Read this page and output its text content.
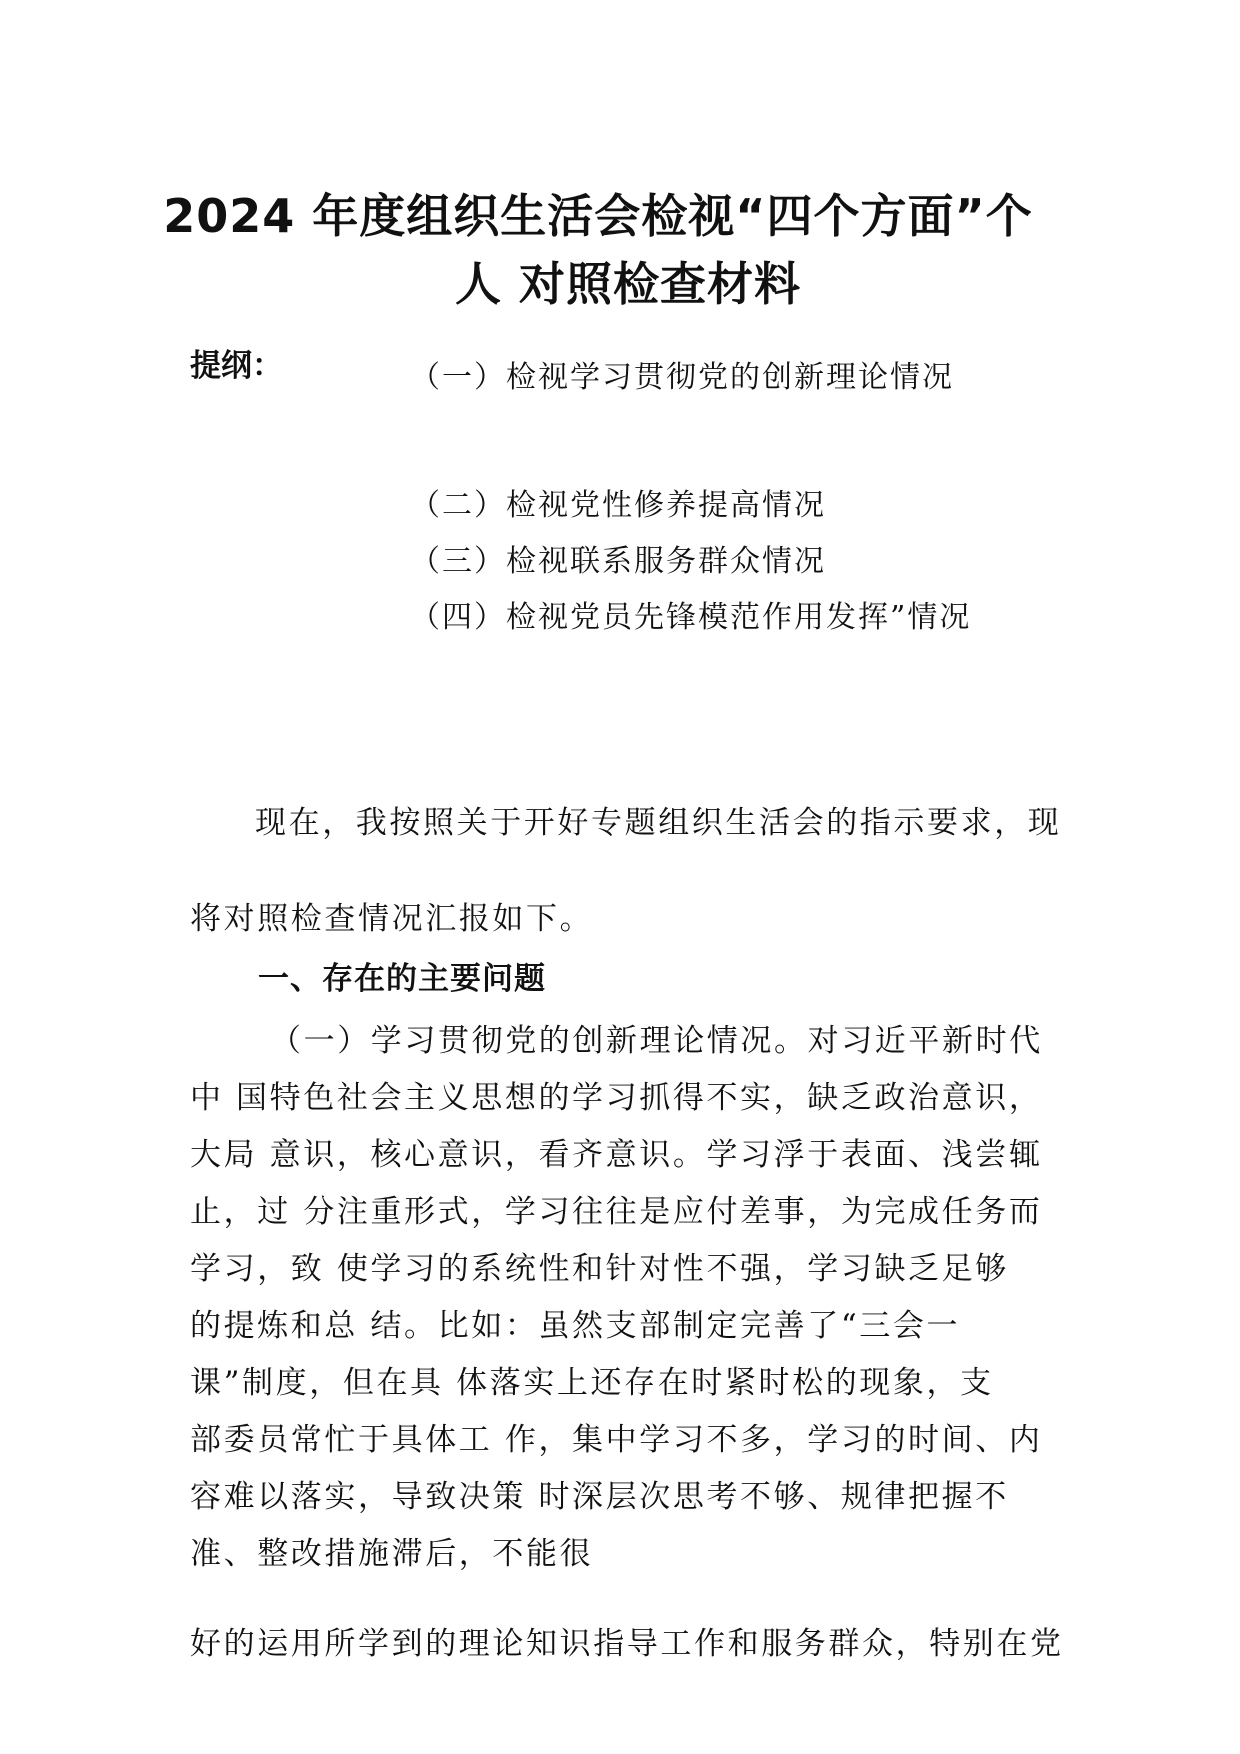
2024 年度组织生活会检视“四个方面”个
人 对照检查材料

提纲：	（一）检视学习贯彻党的创新理论情况

（二）检视党性修养提高情况

（三）检视联系服务群众情况

（四）检视党员先锋模范作用发挥”情况

现在，我按照关于开好专题组织生活会的指示要求，现

将对照检查情况汇报如下。

一、存在的主要问题

（一）学习贯彻党的创新理论情况。对习近平新时代

中 国特色社会主义思想的学习抓得不实，缺乏政治意识，

大局 意识，核心意识，看齐意识。学习浮于表面、浅尝辄

止，过 分注重形式，学习往往是应付差事，为完成任务而

学习，致 使学习的系统性和针对性不强，学习缺乏足够

的提炼和总 结。比如：虽然支部制定完善了“三会一

课”制度，但在具 体落实上还存在时紧时松的现象，支

部委员常忙于具体工 作，集中学习不多，学习的时间、内

容难以落实，导致决策 时深层次思考不够、规律把握不

准、整改措施滞后，不能很

好的运用所学到的理论知识指导工作和服务群众，特别在党
